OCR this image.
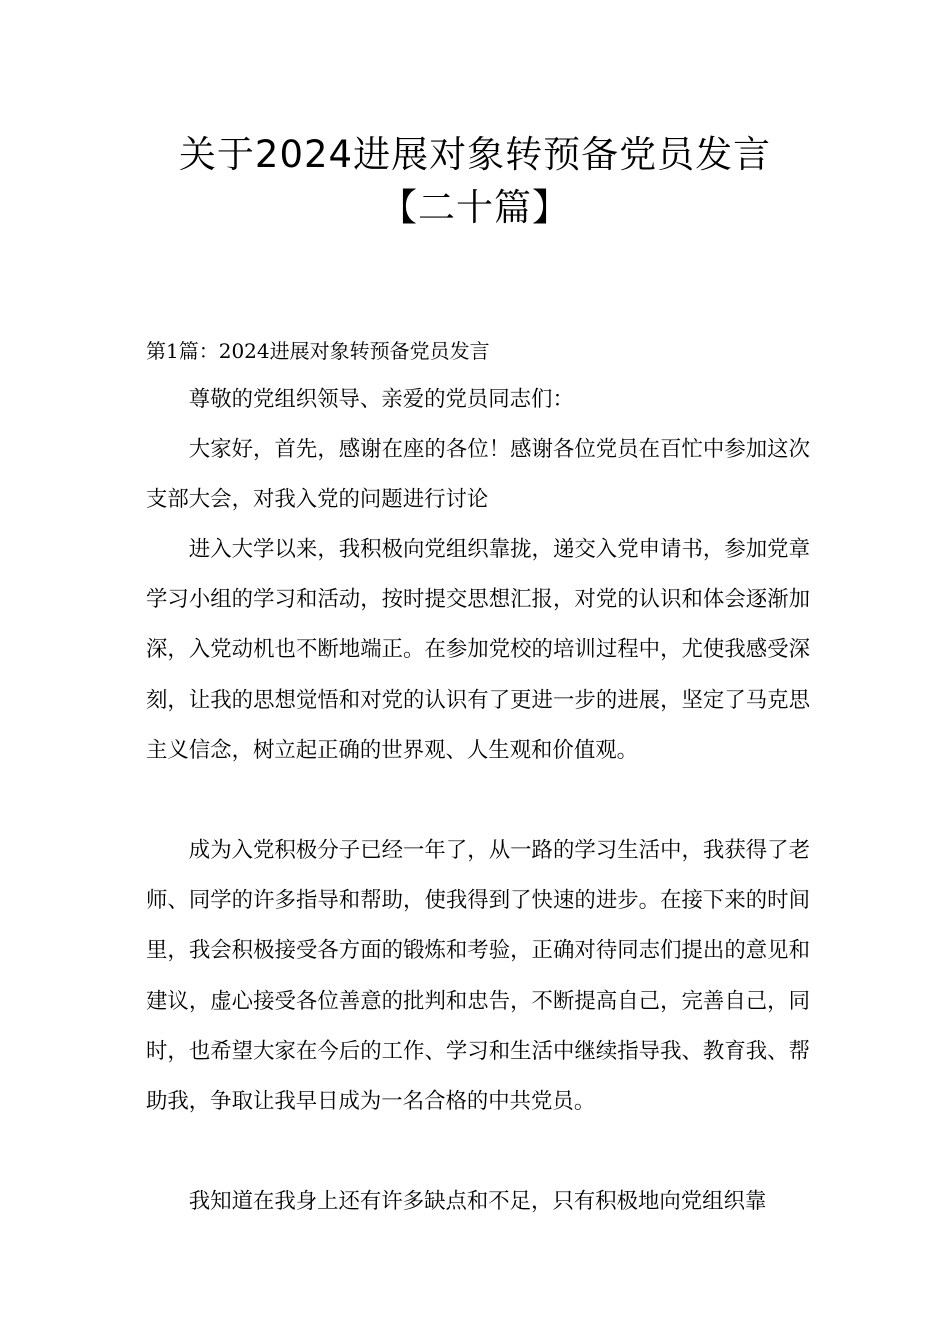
关于2024进展对象转预备党员发言
【二十篇】
第1篇：2024进展对象转预备党员发言

尊敬的党组织领导、亲爱的党员同志们：

大家好，首先，感谢在座的各位！感谢各位党员在百忙中参加这次支部大会，对我入党的问题进行讨论

进入大学以来，我积极向党组织靠拢，递交入党申请书，参加党章学习小组的学习和活动，按时提交思想汇报，对党的认识和体会逐渐加深，入党动机也不断地端正。在参加党校的培训过程中，尤使我感受深刻，让我的思想觉悟和对党的认识有了更进一步的进展，坚定了马克思主义信念，树立起正确的世界观、人生观和价值观。

成为入党积极分子已经一年了，从一路的学习生活中，我获得了老师、同学的许多指导和帮助，使我得到了快速的进步。在接下来的时间里，我会积极接受各方面的锻炼和考验，正确对待同志们提出的意见和建议，虚心接受各位善意的批判和忠告，不断提高自己，完善自己，同时，也希望大家在今后的工作、学习和生活中继续指导我、教育我、帮助我，争取让我早日成为一名合格的中共党员。

我知道在我身上还有许多缺点和不足，只有积极地向党组织靠
